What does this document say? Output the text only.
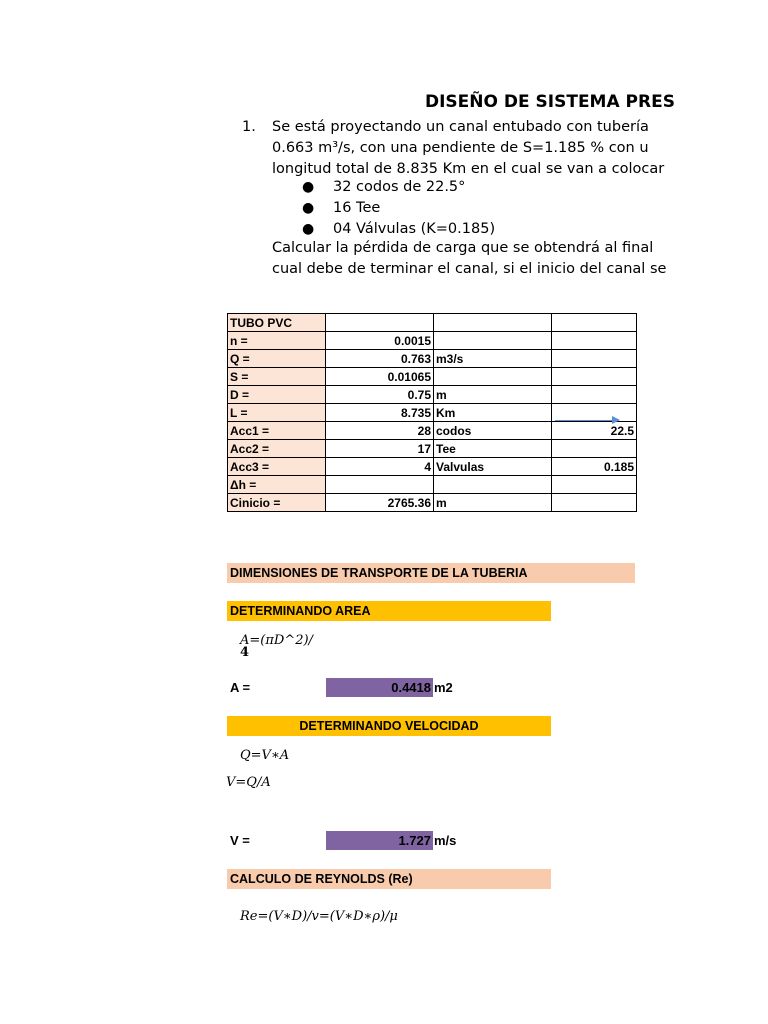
DISEÑO DE SISTEMA PRES
1. Se está proyectando un canal entubado con tubería
0.663 m³/s, con una pendiente de S=1.185 % con u
longitud total de 8.835 Km en el cual se van a colocar
● 32 codos de 22.5°
● 16 Tee
● 04 Válvulas (K=0.185)
Calcular la pérdida de carga que se obtendrá al final
cual debe de terminar el canal, si el inicio del canal se
TUBO PVC			
n =	0.0015		
Q =	0.763	m3/s	
S =	0.01065		
D =	0.75	m	
L =	8.735	Km	
Acc1 =	28	codos	22.5
Acc2 =	17	Tee	
Acc3 =	4	Valvulas	0.185
Δh =			
Cinicio =	2765.36	m	
DIMENSIONES DE TRANSPORTE DE LA TUBERIA
DETERMINANDO AREA
A=(πD^2)/
4
A =	0.4418 m2
DETERMINANDO VELOCIDAD
Q=V∗A
V=Q/A
V =	1.727 m/s
CALCULO DE REYNOLDS (Re)
Re=(V∗D)/v=(V∗D∗ρ)/μ
